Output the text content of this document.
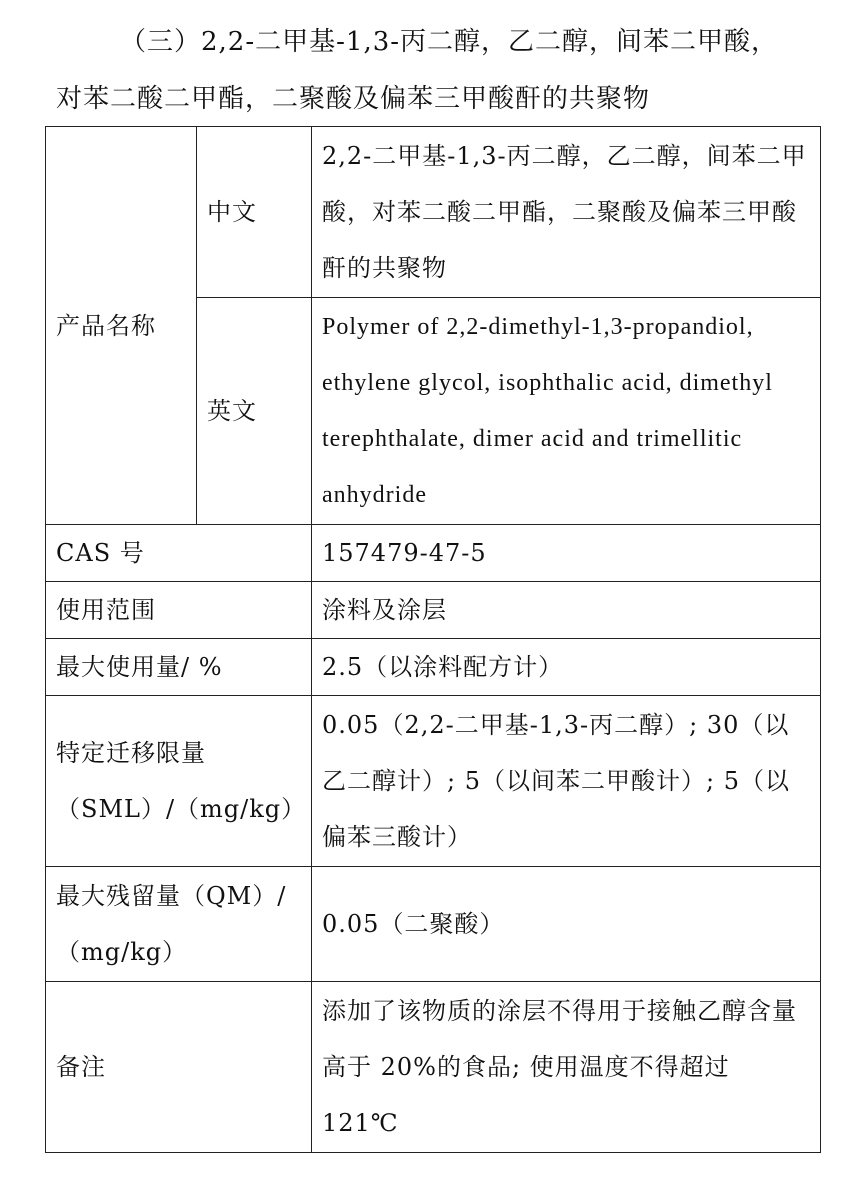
（三）2,2-二甲基-1,3-丙二醇，乙二醇，间苯二甲酸，
对苯二酸二甲酯，二聚酸及偏苯三甲酸酐的共聚物
产品名称	中文	2,2-二甲基-1,3-丙二醇，乙二醇，间苯二甲酸，对苯二酸二甲酯，二聚酸及偏苯三甲酸酐的共聚物
	英文	Polymer of 2,2-dimethyl-1,3-propandiol, ethylene glycol, isophthalic acid, dimethyl terephthalate, dimer acid and trimellitic anhydride
CAS 号		157479-47-5
使用范围		涂料及涂层
最大使用量/ %		2.5（以涂料配方计）
特定迁移限量（SML）/（mg/kg）		0.05（2,2-二甲基-1,3-丙二醇）; 30（以乙二醇计）; 5（以间苯二甲酸计）; 5（以偏苯三酸计）
最大残留量（QM）/（mg/kg）		0.05（二聚酸）
备注		添加了该物质的涂层不得用于接触乙醇含量高于 20%的食品; 使用温度不得超过 121℃
